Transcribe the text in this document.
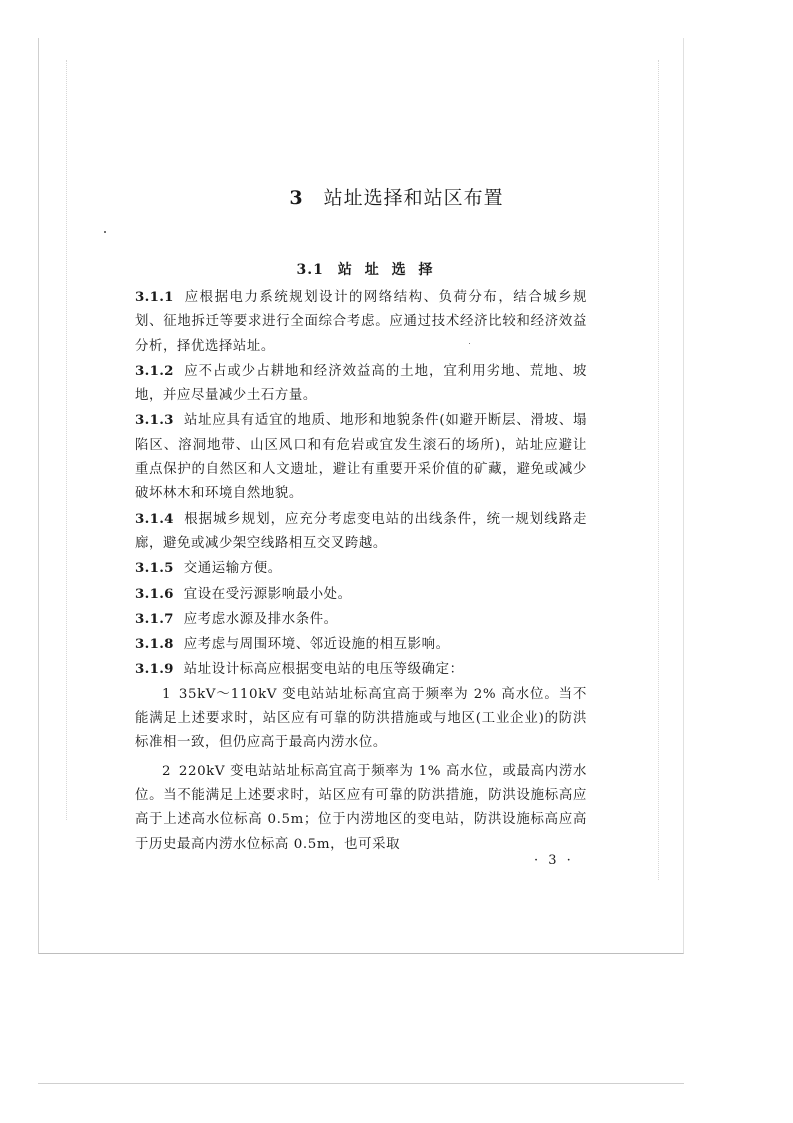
3 站址选择和站区布置
3.1 站 址 选 择

3.1.1 应根据电力系统规划设计的网络结构、负荷分布，结合城乡规划、征地拆迁等要求进行全面综合考虑。应通过技术经济比较和经济效益分析，择优选择站址。

3.1.2 应不占或少占耕地和经济效益高的土地，宜利用劣地、荒地、坡地，并应尽量减少土石方量。

3.1.3 站址应具有适宜的地质、地形和地貌条件(如避开断层、滑坡、塌陷区、溶洞地带、山区风口和有危岩或宜发生滚石的场所)，站址应避让重点保护的自然区和人文遗址，避让有重要开采价值的矿藏，避免或减少破坏林木和环境自然地貌。

3.1.4 根据城乡规划，应充分考虑变电站的出线条件，统一规划线路走廊，避免或减少架空线路相互交叉跨越。

3.1.5 交通运输方便。

3.1.6 宜设在受污源影响最小处。

3.1.7 应考虑水源及排水条件。

3.1.8 应考虑与周围环境、邻近设施的相互影响。

3.1.9 站址设计标高应根据变电站的电压等级确定：

1 35kV～110kV 变电站站址标高宜高于频率为 2% 高水位。当不能满足上述要求时，站区应有可靠的防洪措施或与地区(工业企业)的防洪标准相一致，但仍应高于最高内涝水位。

2 220kV 变电站站址标高宜高于频率为 1% 高水位，或最高内涝水位。当不能满足上述要求时，站区应有可靠的防洪措施，防洪设施标高应高于上述高水位标高 0.5m；位于内涝地区的变电站，防洪设施标高应高于历史最高内涝水位标高 0.5m，也可采取

· 3 ·
